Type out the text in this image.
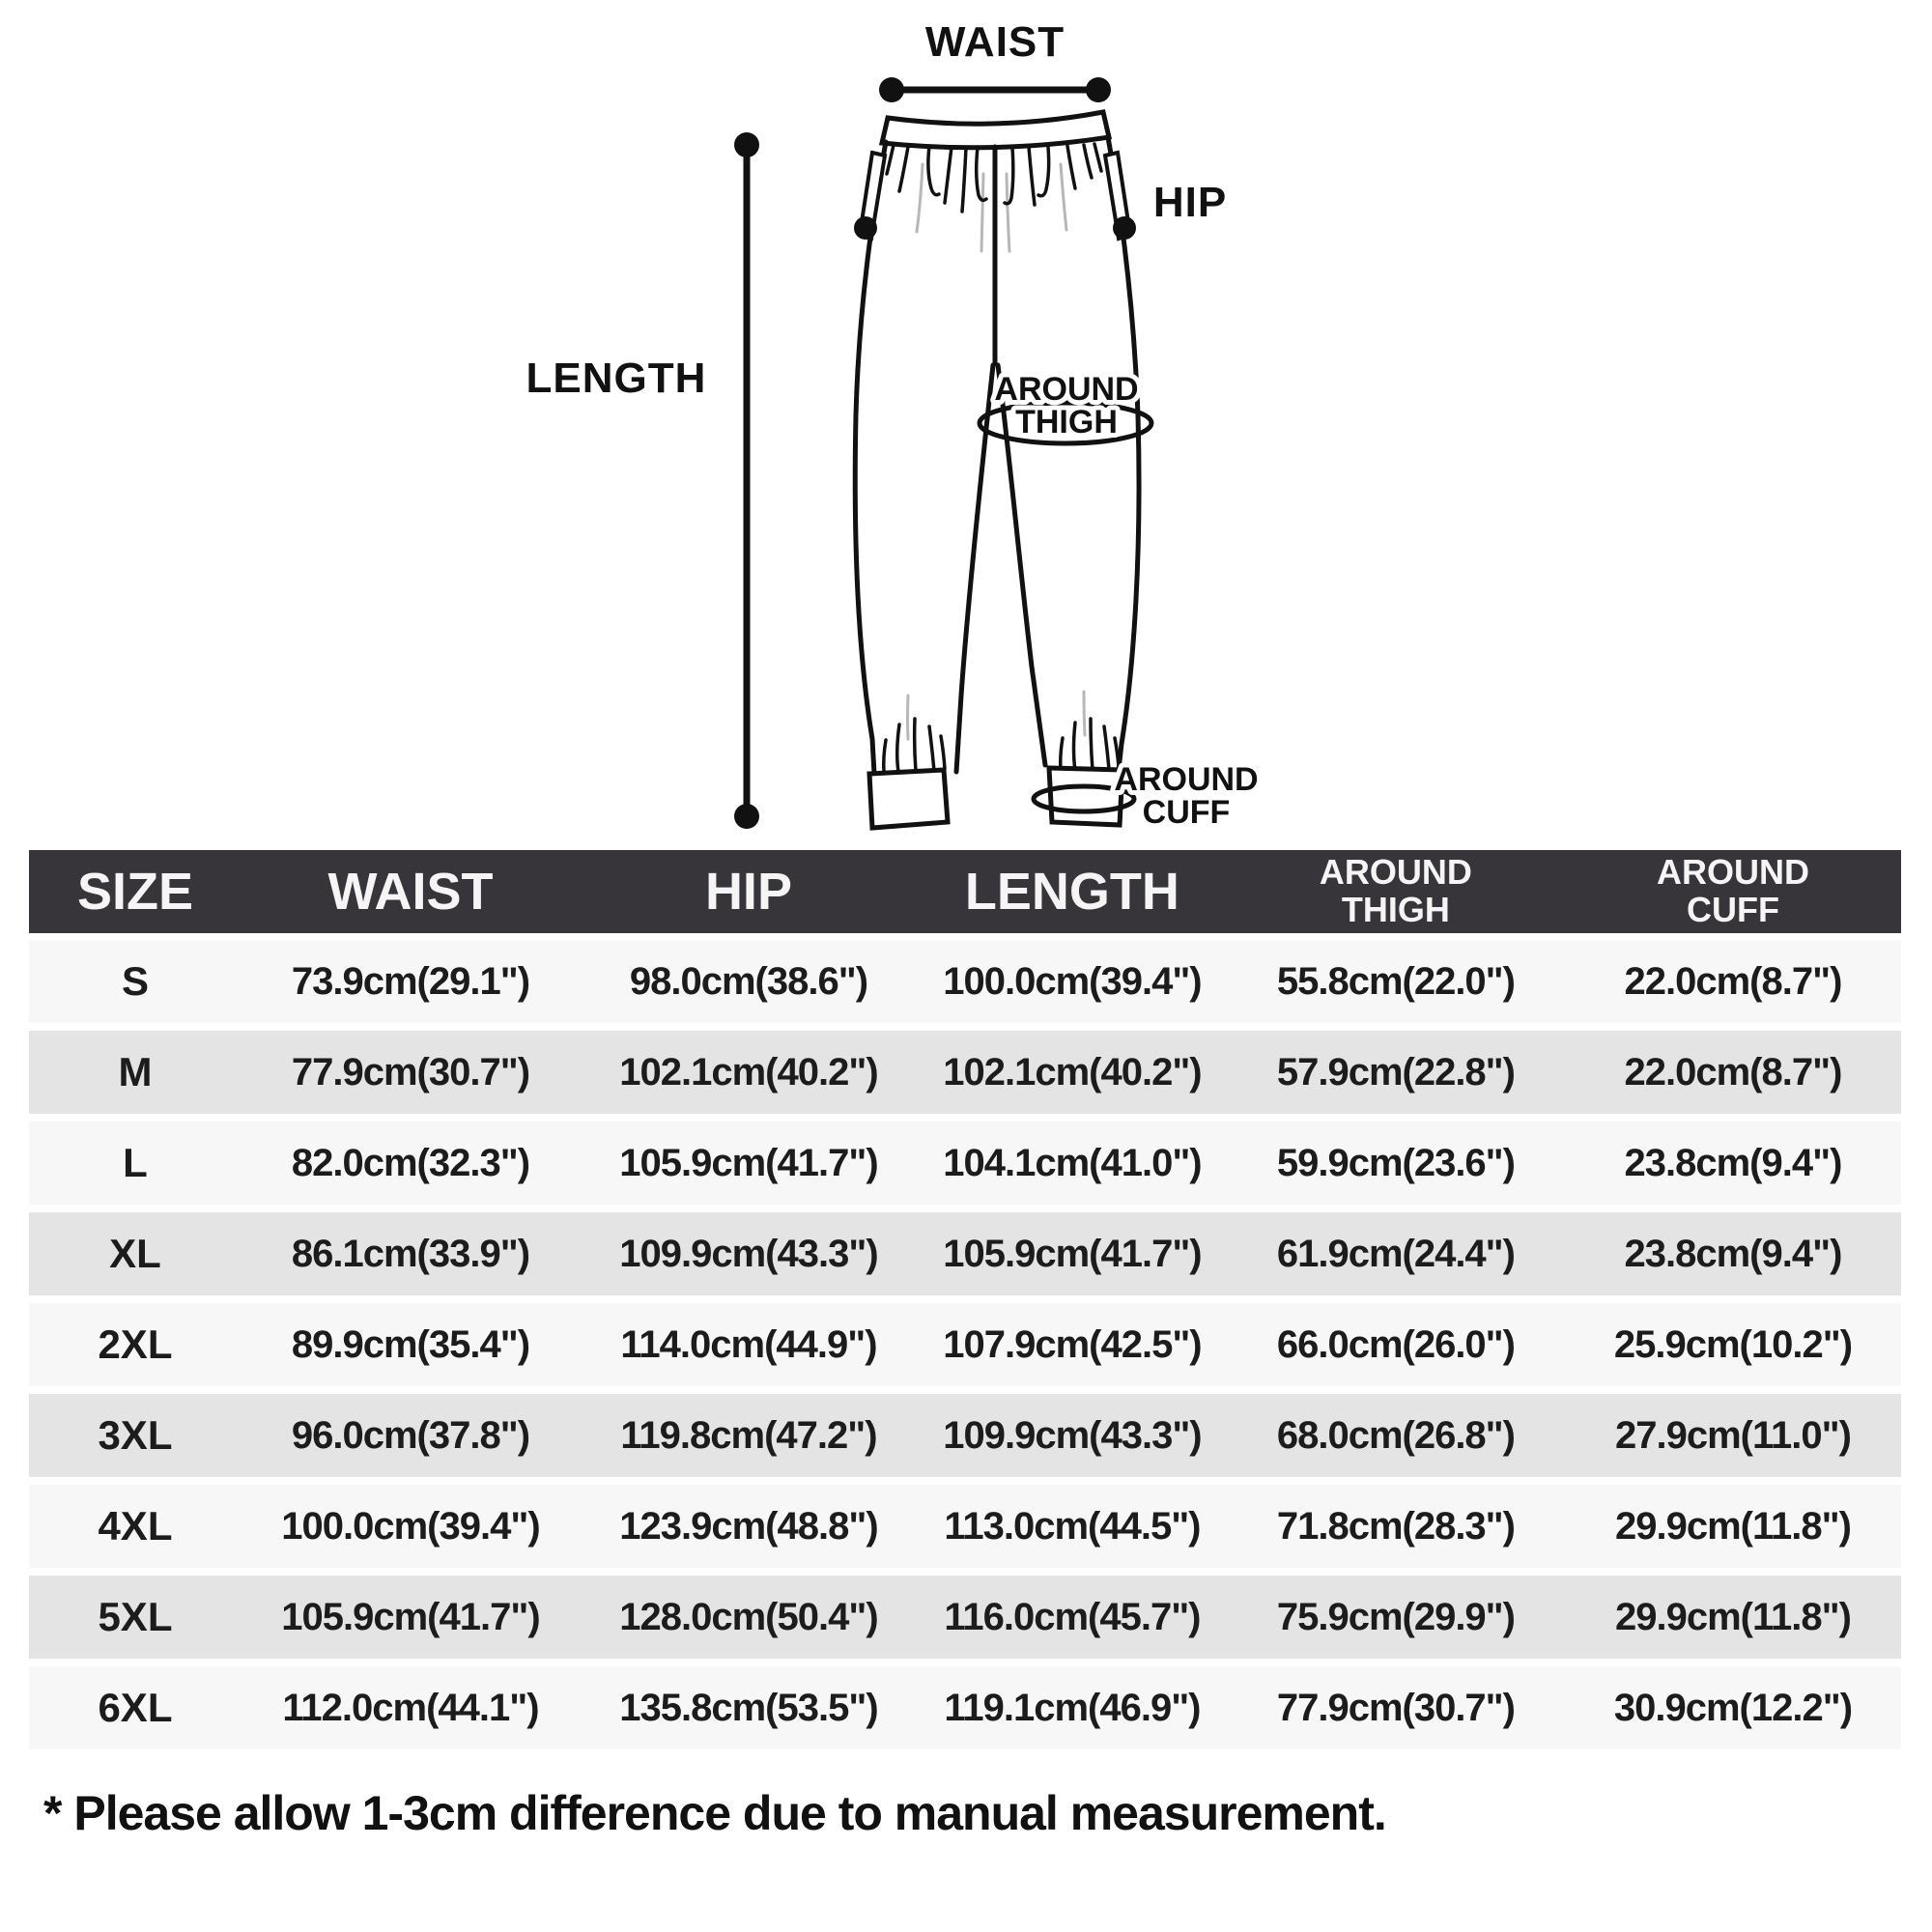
WAIST
HIP
LENGTH	AROUND
THIGH
AROUND
CUFF
SIZE	WAIST	HIP	LENGTH	AROUND
THIGH
AROUND
CUFF
S	73.9cm(29.1")	98.0cm(38.6")	100.0cm(39.4")	55.8cm(22.0")	22.0cm(8.7")
M	77.9cm(30.7")	102.1cm(40.2")	102.1cm(40.2")	57.9cm(22.8")	22.0cm(8.7")
L	82.0cm(32.3")	105.9cm(41.7")	104.1cm(41.0")	59.9cm(23.6")	23.8cm(9.4")
XL	86.1cm(33.9")	109.9cm(43.3")	105.9cm(41.7")	61.9cm(24.4")	23.8cm(9.4")
2XL	89.9cm(35.4")	114.0cm(44.9")	107.9cm(42.5")	66.0cm(26.0")	25.9cm(10.2")
3XL	96.0cm(37.8")	119.8cm(47.2")	109.9cm(43.3")	68.0cm(26.8")	27.9cm(11.0")
4XL	100.0cm(39.4")	123.9cm(48.8")	113.0cm(44.5")	71.8cm(28.3")	29.9cm(11.8")
5XL	105.9cm(41.7")	128.0cm(50.4")	116.0cm(45.7")	75.9cm(29.9")	29.9cm(11.8")
6XL	112.0cm(44.1")	135.8cm(53.5")	119.1cm(46.9")	77.9cm(30.7")	30.9cm(12.2")
* Please allow 1-3cm difference due to manual measurement.
